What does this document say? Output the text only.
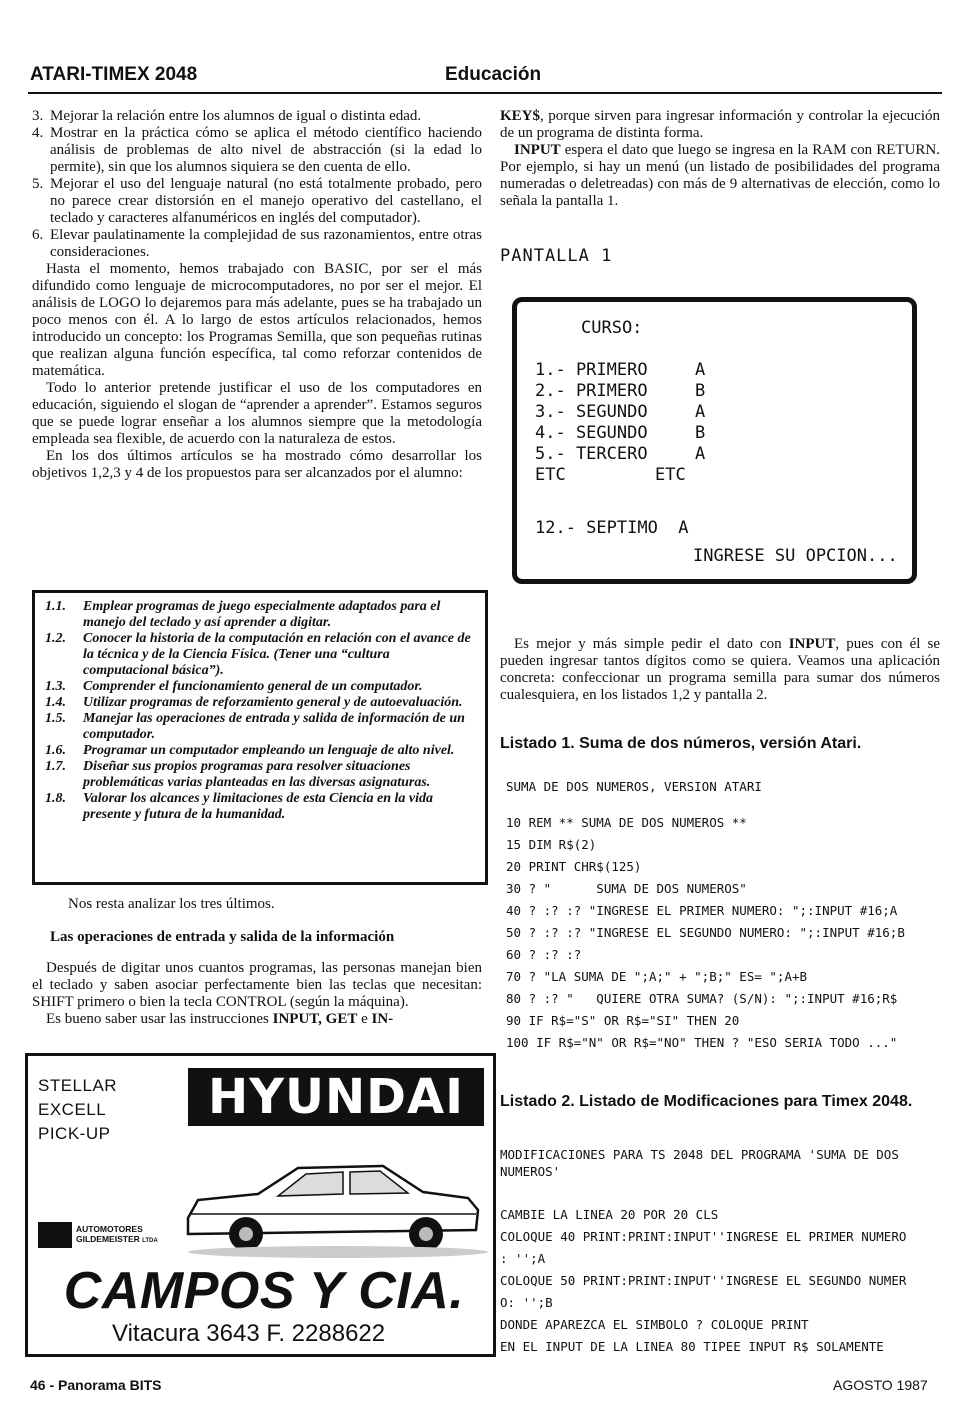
ATARI-TIMEX 2048	Educación
3. Mejorar la relación entre los alumnos de igual o distinta edad.
4. Mostrar en la práctica cómo se aplica el método científico haciendo análisis de problemas de alto nivel de abstracción (si la edad lo permite), sin que los alumnos siquiera se den cuenta de ello.
5. Mejorar el uso del lenguaje natural (no está totalmente probado, pero no parece crear distorsión en el manejo operativo del castellano, el teclado y caracteres alfanuméricos en inglés del computador).
6. Elevar paulatinamente la complejidad de sus razonamientos, entre otras consideraciones.

Hasta el momento, hemos trabajado con BASIC, por ser el más difundido como lenguaje de microcomputadores, no por ser el mejor. El análisis de LOGO lo dejaremos para más adelante, pues se ha trabajado un poco menos con él. A lo largo de estos artículos relacionados, hemos introducido un concepto: los Programas Semilla, que son pequeñas rutinas que realizan alguna función específica, tal como reforzar contenidos de matemática.

Todo lo anterior pretende justificar el uso de los computadores en educación, siguiendo el slogan de “aprender a aprender”. Estamos seguros que se puede lograr enseñar a los alumnos siempre que la metodología empleada sea flexible, de acuerdo con la naturaleza de estos.

En los dos últimos artículos se ha mostrado cómo desarrollar los objetivos 1,2,3 y 4 de los propuestos para ser alcanzados por el alumno:

1.1. Emplear programas de juego especialmente adaptados para el manejo del teclado y así aprender a digitar.
1.2. Conocer la historia de la computación en relación con el avance de la técnica y de la Ciencia Física. (Tener una “cultura computacional básica”).
1.3. Comprender el funcionamiento general de un computador.
1.4. Utilizar programas de reforzamiento general y de autoevaluación.
1.5. Manejar las operaciones de entrada y salida de información de un computador.
1.6. Programar un computador empleando un lenguaje de alto nivel.
1.7. Diseñar sus propios programas para resolver situaciones problemáticas varias planteadas en las diversas asignaturas.
1.8. Valorar los alcances y limitaciones de esta Ciencia en la vida presente y futura de la humanidad.

Nos resta analizar los tres últimos.

Las operaciones de entrada y salida de la información

Después de digitar unos cuantos programas, las personas manejan bien el teclado y saben asociar perfectamente bien las teclas que necesitan: SHIFT primero o bien la tecla CONTROL (según la máquina).

Es bueno saber usar las instrucciones INPUT, GET e IN-

STELLAR
EXCELL
PICK-UP
HYUNDAI
AUTOMOTORES
GILDEMEISTER LTDA
CAMPOS Y CIA.
Vitacura 3643 F. 2288622

KEY$, porque sirven para ingresar información y controlar la ejecución de un programa de distinta forma.

INPUT espera el dato que luego se ingresa en la RAM con RETURN. Por ejemplo, si hay un menú (un listado de posibilidades del programa numeradas o deletreadas) con más de 9 alternativas de elección, como lo señala la pantalla 1.

PANTALLA 1
CURSO:
1.- PRIMERO	A
2.- PRIMERO	B
3.- SEGUNDO	A
4.- SEGUNDO	B
5.- TERCERO	A
ETC	ETC
12.- SEPTIMO  A
INGRESE SU OPCION...

Es mejor y más simple pedir el dato con INPUT, pues con él se pueden ingresar tantos dígitos como se quiera. Veamos una aplicación concreta: confeccionar un programa semilla para sumar dos números cualesquiera, en los listados 1,2 y pantalla 2.

Listado 1. Suma de dos números, versión Atari.
SUMA DE DOS NUMEROS, VERSION ATARI
10 REM ** SUMA DE DOS NUMEROS **
15 DIM R$(2)
20 PRINT CHR$(125)
30 ? "      SUMA DE DOS NUMEROS"
40 ? :? :? "INGRESE EL PRIMER NUMERO: ";:INPUT #16;A
50 ? :? :? "INGRESE EL SEGUNDO NUMERO: ";:INPUT #16;B
60 ? :? :?
70 ? "LA SUMA DE ";A;" + ";B;" ES= ";A+B
80 ? :? "   QUIERE OTRA SUMA? (S/N): ";:INPUT #16;R$
90 IF R$="S" OR R$="SI" THEN 20
100 IF R$="N" OR R$="NO" THEN ? "ESO SERIA TODO ..."
Listado 2. Listado de Modificaciones para Timex 2048.
MODIFICACIONES PARA TS 2048 DEL PROGRAMA 'SUMA DE DOS
NUMEROS'
CAMBIE LA LINEA 20 POR 20 CLS
COLOQUE 40 PRINT:PRINT:INPUT''INGRESE EL PRIMER NUMERO
: '';A
COLOQUE 50 PRINT:PRINT:INPUT''INGRESE EL SEGUNDO NUMER
O: '';B
DONDE APAREZCA EL SIMBOLO ? COLOQUE PRINT
EN EL INPUT DE LA LINEA 80 TIPEE INPUT R$ SOLAMENTE
46 - Panorama BITS	AGOSTO 1987
